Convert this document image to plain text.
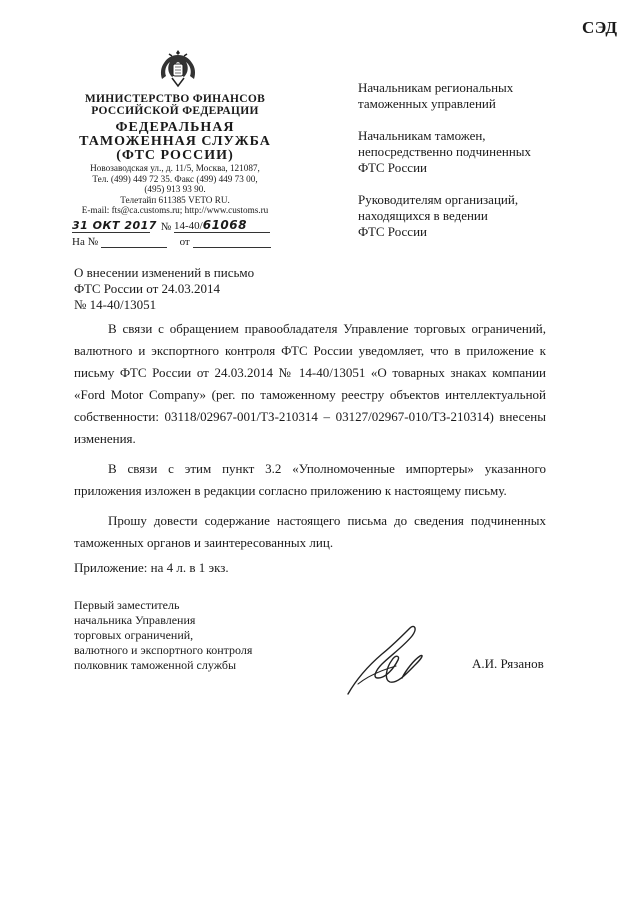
СЭД
МИНИСТЕРСТВО ФИНАНСОВ
РОССИЙСКОЙ ФЕДЕРАЦИИ
ФЕДЕРАЛЬНАЯ
ТАМОЖЕННАЯ СЛУЖБА
(ФТС РОССИИ)
Новозаводская ул., д. 11/5, Москва, 121087,
Тел. (499) 449 72 35. Факс (499) 449 73 00,
(495) 913 93 90.
Телетайп 611385 VETO RU.
E-mail: fts@ca.customs.ru; http://www.customs.ru
31 ОКТ 2017 № 14-40/61068
На №	от
Начальникам региональных
таможенных управлений
Начальникам таможен,
непосредственно подчиненных
ФТС России
Руководителям организаций,
находящихся в ведении
ФТС России
О внесении изменений в письмо
ФТС России от 24.03.2014
№ 14-40/13051

В связи с обращением правообладателя Управление торговых ограничений, валютного и экспортного контроля ФТС России уведомляет, что в приложение к письму ФТС России от 24.03.2014 № 14-40/13051 «О товарных знаках компании «Ford Motor Company» (рег. по таможенному реестру объектов интеллектуальной собственности: 03118/02967-001/ТЗ-210314 – 03127/02967-010/ТЗ-210314) внесены изменения.

В связи с этим пункт 3.2 «Уполномоченные импортеры» указанного приложения изложен в редакции согласно приложению к настоящему письму.

Прошу довести содержание настоящего письма до сведения подчиненных таможенных органов и заинтересованных лиц.

Приложение: на 4 л. в 1 экз.
Первый заместитель
начальника Управления
торговых ограничений,
валютного и экспортного контроля
полковник таможенной службы	А.И. Рязанов
